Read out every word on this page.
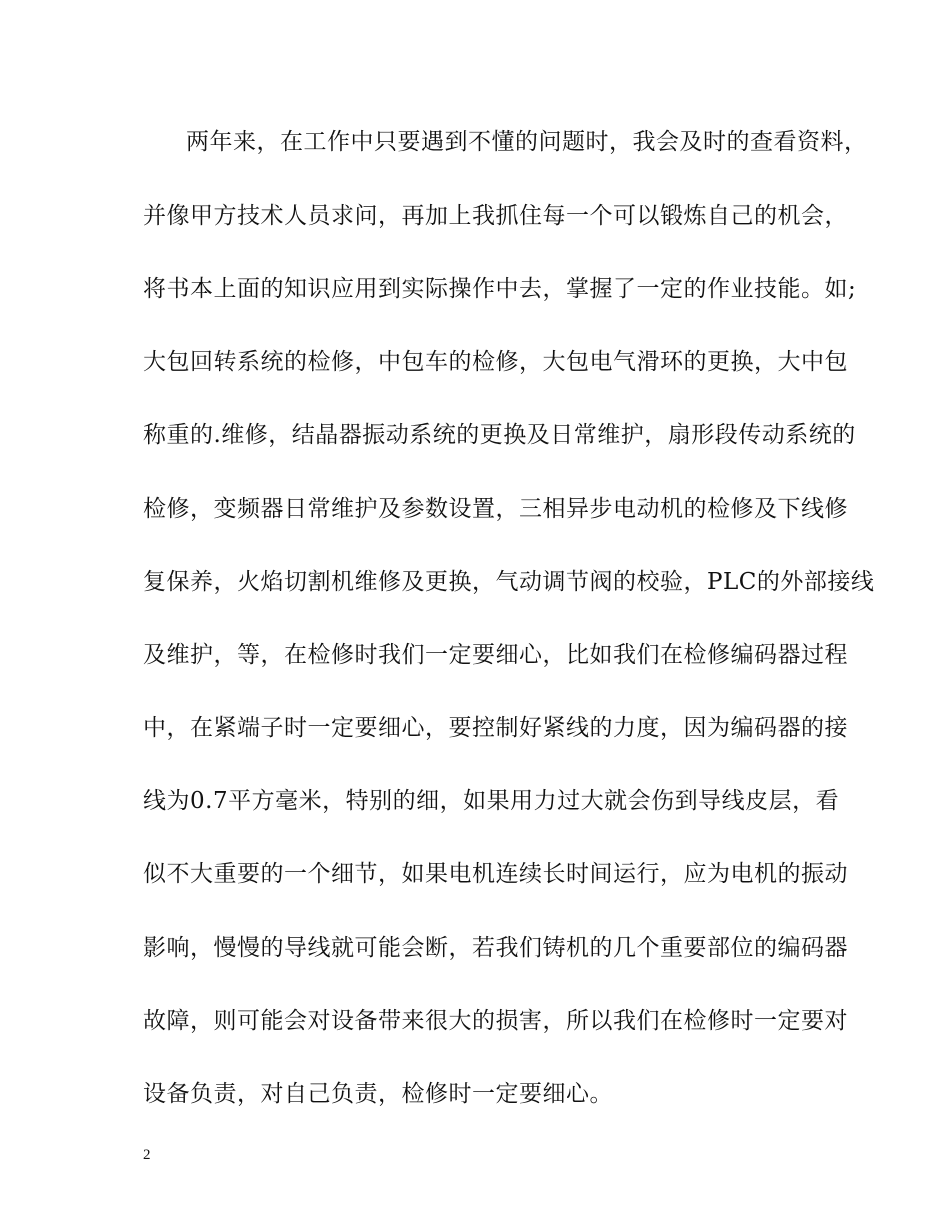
两年来，在工作中只要遇到不懂的问题时，我会及时的查看资料，
并像甲方技术人员求问，再加上我抓住每一个可以锻炼自己的机会，
将书本上面的知识应用到实际操作中去，掌握了一定的作业技能。如;
大包回转系统的检修，中包车的检修，大包电气滑环的更换，大中包
称重的.维修，结晶器振动系统的更换及日常维护，扇形段传动系统的
检修，变频器日常维护及参数设置，三相异步电动机的检修及下线修
复保养，火焰切割机维修及更换，气动调节阀的校验，PLC的外部接线
及维护，等，在检修时我们一定要细心，比如我们在检修编码器过程
中，在紧端子时一定要细心，要控制好紧线的力度，因为编码器的接
线为0.7平方毫米，特别的细，如果用力过大就会伤到导线皮层，看
似不大重要的一个细节，如果电机连续长时间运行，应为电机的振动
影响，慢慢的导线就可能会断，若我们铸机的几个重要部位的编码器
故障，则可能会对设备带来很大的损害，所以我们在检修时一定要对
设备负责，对自己负责，检修时一定要细心。
2
